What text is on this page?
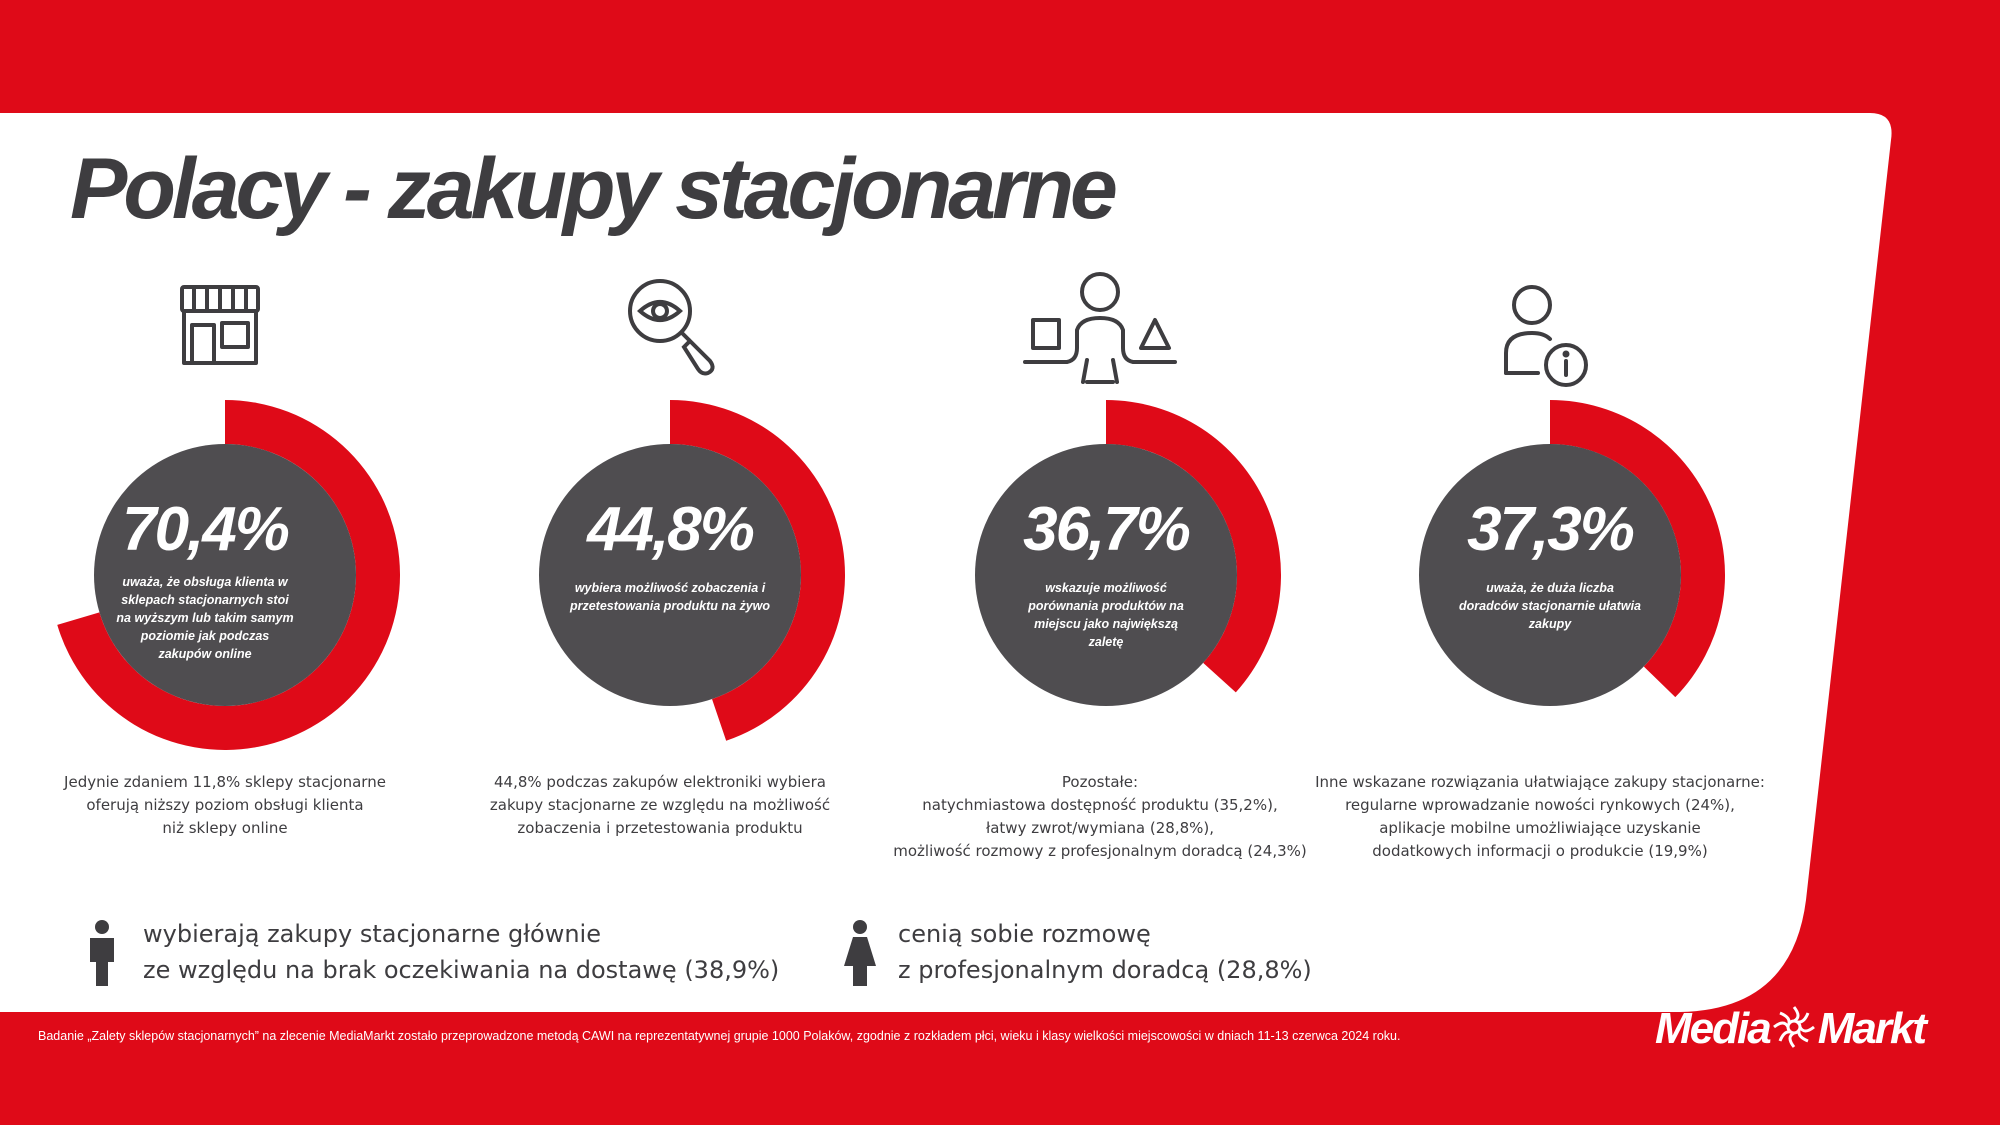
Polacy - zakupy stacjonarne
70,4%
uważa, że obsługa klienta w sklepach stacjonarnych stoi na wyższym lub takim samym poziomie jak podczas zakupów online
44,8%
wybiera możliwość zobaczenia i przetestowania produktu na żywo
36,7%
wskazuje możliwość porównania produktów na miejscu jako największą zaletę
37,3%
uważa, że duża liczba doradców stacjonarnie ułatwia zakupy
Jedynie zdaniem 11,8% sklepy stacjonarne
oferują niższy poziom obsługi klienta
niż sklepy online
44,8% podczas zakupów elektroniki wybiera
zakupy stacjonarne ze względu na możliwość
zobaczenia i przetestowania produktu
Pozostałe:
natychmiastowa dostępność produktu (35,2%),
łatwy zwrot/wymiana (28,8%),
możliwość rozmowy z profesjonalnym doradcą (24,3%)
Inne wskazane rozwiązania ułatwiające zakupy stacjonarne:
regularne wprowadzanie nowości rynkowych (24%),
aplikacje mobilne umożliwiające uzyskanie
dodatkowych informacji o produkcie (19,9%)
wybierają zakupy stacjonarne głównie
ze względu na brak oczekiwania na dostawę (38,9%)
cenią sobie rozmowę
z profesjonalnym doradcą (28,8%)
Badanie „Zalety sklepów stacjonarnych” na zlecenie MediaMarkt zostało przeprowadzone metodą CAWI na reprezentatywnej grupie 1000 Polaków, zgodnie z rozkładem płci, wieku i klasy wielkości miejscowości w dniach 11-13 czerwca 2024 roku.	Media Markt
